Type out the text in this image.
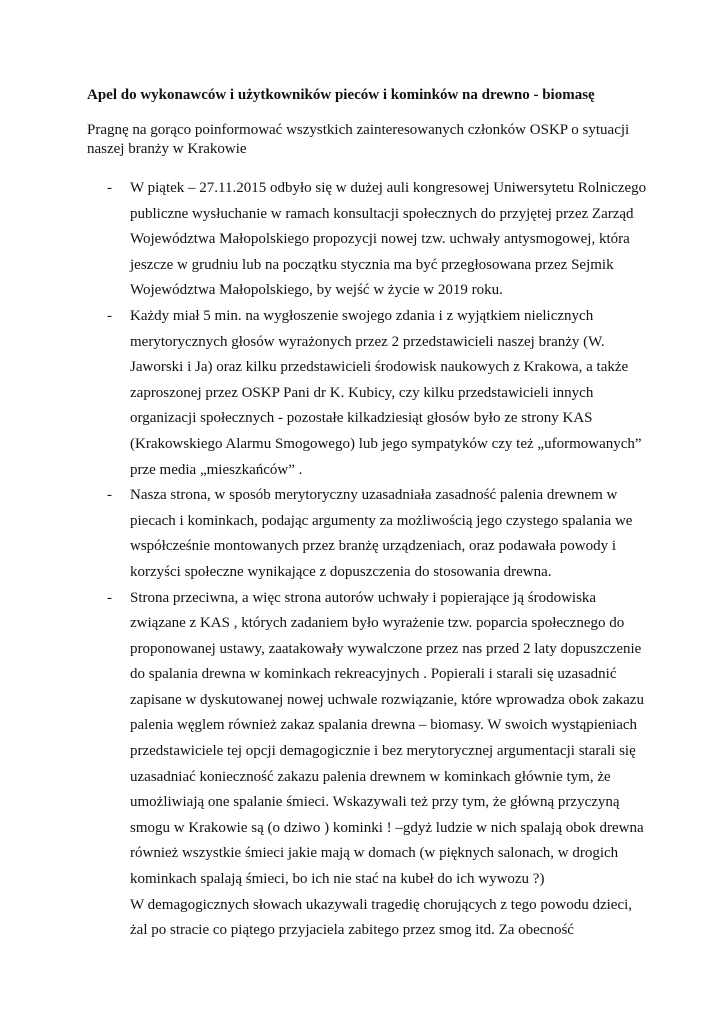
Apel do wykonawców i użytkowników pieców i kominków na drewno - biomasę
Pragnę na gorąco poinformować wszystkich zainteresowanych członków OSKP o sytuacji
naszej branży w Krakowie
- W piątek – 27.11.2015 odbyło się w dużej auli kongresowej Uniwersytetu Rolniczego
publiczne wysłuchanie w ramach konsultacji społecznych do przyjętej przez Zarząd
Województwa Małopolskiego propozycji nowej tzw. uchwały antysmogowej, która
jeszcze w grudniu lub na początku stycznia ma być przegłosowana przez Sejmik
Województwa Małopolskiego, by wejść w życie w 2019 roku.
- Każdy miał 5 min. na wygłoszenie swojego zdania i z wyjątkiem nielicznych
merytorycznych głosów wyrażonych przez 2 przedstawicieli naszej branży (W.
Jaworski i Ja) oraz kilku przedstawicieli środowisk naukowych z Krakowa, a także
zaproszonej przez OSKP Pani dr K. Kubicy, czy kilku przedstawicieli innych
organizacji społecznych - pozostałe kilkadziesiąt głosów było ze strony KAS
(Krakowskiego Alarmu Smogowego) lub jego sympatyków czy też „uformowanych”
prze media „mieszkańców” .
- Nasza strona, w sposób merytoryczny uzasadniała zasadność palenia drewnem w
piecach i kominkach, podając argumenty za możliwością jego czystego spalania we
współcześnie montowanych przez branżę urządzeniach, oraz podawała powody i
korzyści społeczne wynikające z dopuszczenia do stosowania drewna.
- Strona przeciwna, a więc strona autorów uchwały i popierające ją środowiska
związane z KAS , których zadaniem było wyrażenie tzw. poparcia społecznego do
proponowanej ustawy, zaatakowały wywalczone przez nas przed 2 laty dopuszczenie
do spalania drewna w kominkach rekreacyjnych . Popierali i starali się uzasadnić
zapisane w dyskutowanej nowej uchwale rozwiązanie, które wprowadza obok zakazu
palenia węglem również zakaz spalania drewna – biomasy. W swoich wystąpieniach
przedstawiciele tej opcji demagogicznie i bez merytorycznej argumentacji starali się
uzasadniać konieczność zakazu palenia drewnem w kominkach głównie tym, że
umożliwiają one spalanie śmieci. Wskazywali też przy tym, że główną przyczyną
smogu w Krakowie są (o dziwo ) kominki ! –gdyż ludzie w nich spalają obok drewna
również wszystkie śmieci jakie mają w domach (w pięknych salonach, w drogich
kominkach spalają śmieci, bo ich nie stać na kubeł do ich wywozu ?)
W demagogicznych słowach ukazywali tragedię chorujących z tego powodu dzieci,
żal po stracie co piątego przyjaciela zabitego przez smog itd. Za obecność
